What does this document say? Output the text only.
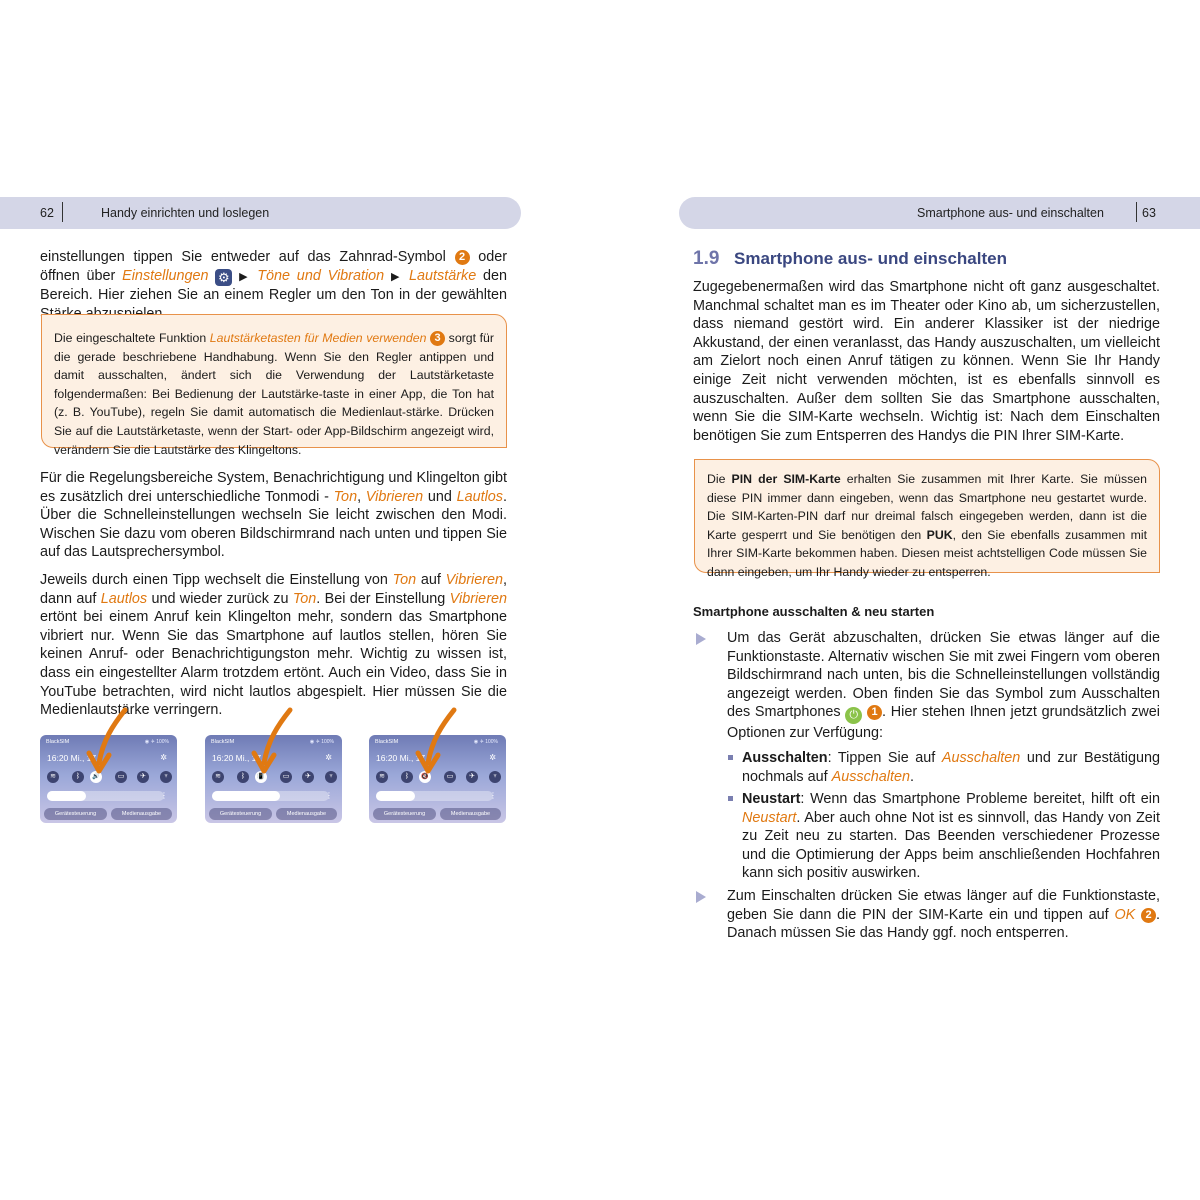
62	Handy einrichten und loslegen	Smartphone aus- und einschalten	63

einstellungen tippen Sie entweder auf das Zahnrad-Symbol 2 oder öffnen über Einstellungen ⚙ ▶ Töne und Vibration ▶ Lautstärke den Bereich. Hier ziehen Sie an einem Regler um den Ton in der gewählten

Die eingeschaltete Funktion Lautstärketasten für Medien verwenden 3 sorgt für die gerade beschriebene Handhabung. Wenn Sie den Regler antippen und damit ausschalten, ändert sich die Verwendung der Lautstärketaste folgendermaßen: Bei Bedienung der Lautstärke-taste in einer App, die Ton hat (z. B. YouTube), regeln Sie damit automatisch die Medienlaut-stärke. Drücken Sie auf die Lautstärketaste, wenn der Start- oder App-Bildschirm angezeigt wird, verändern Sie die Lautstärke des Klingeltons.

Für die Regelungsbereiche System, Benachrichtigung und Klingelton gibt es zusätzlich drei unterschiedliche Tonmodi - Ton, Vibrieren und Lautlos. Über die Schnelleinstellungen wechseln Sie leicht zwischen den Modi. Wischen Sie dazu vom oberen Bildschirmrand nach unten und tippen Sie auf das Lautsprechersymbol.

Jeweils durch einen Tipp wechselt die Einstellung von Ton auf Vibrieren, dann auf Lautlos und wieder zurück zu Ton. Bei der Einstellung Vibrieren ertönt bei einem Anruf kein Klingelton mehr, sondern das Smartphone vibriert nur. Wenn Sie das Smartphone auf lautlos stellen, hören Sie keinen Anruf- oder Benachrichtigungston mehr. Wichtig zu wissen ist, dass ein eingestellter Alarm trotzdem ertönt. Auch ein Video, dass Sie in YouTube betrachten, wird nicht lautlos abgespielt. Hier müssen Sie die Medienlautstärke verringern.

BlackSIM	◉ ✈ 100%
16:20 Mi., 17.	✲
≋	ᛒ	🔊	▭	✈	♆
⋮
Gerätesteuerung	Medienausgabe
BlackSIM	◉ ✈ 100%
16:20 Mi., 17.	✲
≋	ᛒ	📳	▭	✈	♆
⋮
Gerätesteuerung	Medienausgabe
BlackSIM	◉ ✈ 100%
16:20 Mi., 17.	✲
≋	ᛒ	🔇	▭	✈	♆
⋮
Gerätesteuerung	Medienausgabe
1.9 Smartphone aus- und einschalten

Zugegebenermaßen wird das Smartphone nicht oft ganz ausgeschaltet. Manchmal schaltet man es im Theater oder Kino ab, um sicherzustellen, dass niemand gestört wird. Ein anderer Klassiker ist der niedrige Akkustand, der einen veranlasst, das Handy auszuschalten, um vielleicht am Zielort noch einen Anruf tätigen zu können. Wenn Sie Ihr Handy einige Zeit nicht verwenden möchten, ist es ebenfalls sinnvoll es auszuschalten. Außer dem sollten Sie das Smartphone ausschalten, wenn Sie die SIM-Karte wechseln. Wichtig ist: Nach dem Einschalten benötigen Sie zum Entsperren des Handys die PIN Ihrer SIM-Karte.

Die PIN der SIM-Karte erhalten Sie zusammen mit Ihrer Karte. Sie müssen diese PIN immer dann eingeben, wenn das Smartphone neu gestartet wurde. Die SIM-Karten-PIN darf nur dreimal falsch eingegeben werden, dann ist die Karte gesperrt und Sie benötigen den PUK, den Sie ebenfalls zusammen mit Ihrer SIM-Karte bekommen haben. Diesen meist achtstelligen Code müssen Sie dann eingeben, um Ihr Handy wieder zu entsperren.

Smartphone ausschalten & neu starten

Um das Gerät abzuschalten, drücken Sie etwas länger auf die Funktionstaste. Alternativ wischen Sie mit zwei Fingern vom oberen Bildschirmrand nach unten, bis die Schnelleinstellungen vollständig angezeigt werden. Oben finden Sie das Symbol zum Ausschalten des Smartphones ⏻ 1 . Hier stehen Ihnen jetzt grundsätzlich zwei Optionen zur Verfügung:

Ausschalten: Tippen Sie auf Ausschalten und zur Bestätigung nochmals auf Ausschalten.

Neustart: Wenn das Smartphone Probleme bereitet, hilft oft ein Neustart. Aber auch ohne Not ist es sinnvoll, das Handy von Zeit zu Zeit neu zu starten. Das Beenden verschiedener Prozesse und die Optimierung der Apps beim anschließenden Hochfahren kann sich positiv auswirken.

Zum Einschalten drücken Sie etwas länger auf die Funktionstaste, geben Sie dann die PIN der SIM-Karte ein und tippen auf OK 2 . Danach müssen Sie das Handy ggf. noch entsperren.
